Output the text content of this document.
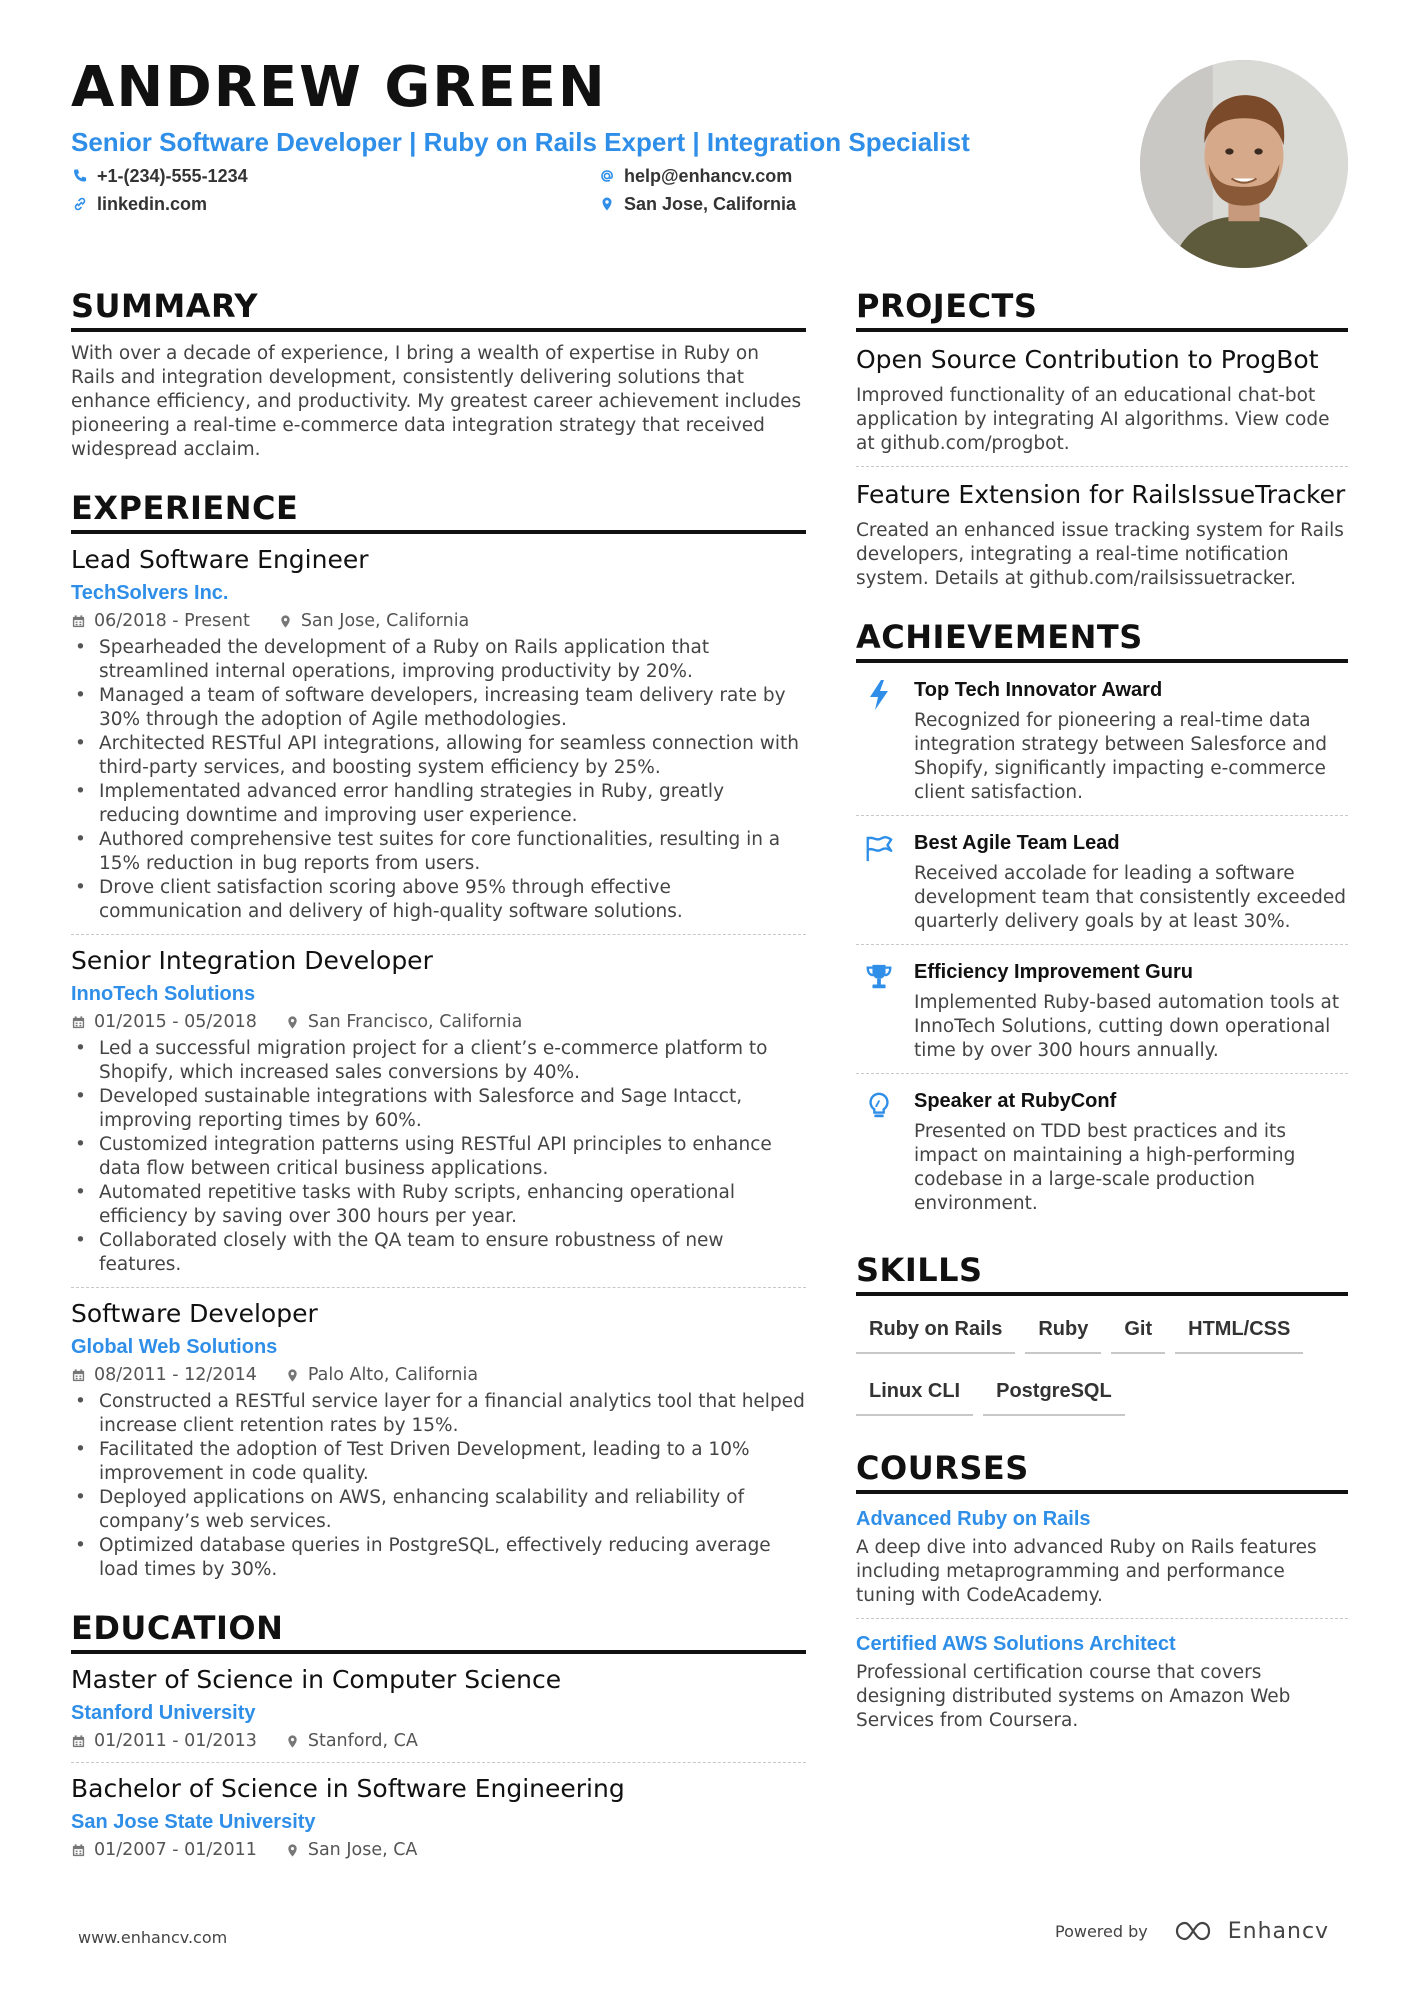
ANDREW GREEN
Senior Software Developer | Ruby on Rails Expert | Integration Specialist
+1-(234)-555-1234	help@enhancv.com
linkedin.com	San Jose, California
SUMMARY
With over a decade of experience, I bring a wealth of expertise in Ruby on Rails and integration development, consistently delivering solutions that enhance efficiency, and productivity. My greatest career achievement includes pioneering a real-time e-commerce data integration strategy that received widespread acclaim.
EXPERIENCE
Lead Software Engineer
TechSolvers Inc.
06/2018 - Present	San Jose, California
• Spearheaded the development of a Ruby on Rails application that streamlined internal operations, improving productivity by 20%.
• Managed a team of software developers, increasing team delivery rate by 30% through the adoption of Agile methodologies.
• Architected RESTful API integrations, allowing for seamless connection with third-party services, and boosting system efficiency by 25%.
• Implementated advanced error handling strategies in Ruby, greatly reducing downtime and improving user experience.
• Authored comprehensive test suites for core functionalities, resulting in a 15% reduction in bug reports from users.
• Drove client satisfaction scoring above 95% through effective communication and delivery of high-quality software solutions.
Senior Integration Developer
InnoTech Solutions
01/2015 - 05/2018	San Francisco, California
• Led a successful migration project for a client’s e-commerce platform to Shopify, which increased sales conversions by 40%.
• Developed sustainable integrations with Salesforce and Sage Intacct, improving reporting times by 60%.
• Customized integration patterns using RESTful API principles to enhance data flow between critical business applications.
• Automated repetitive tasks with Ruby scripts, enhancing operational efficiency by saving over 300 hours per year.
• Collaborated closely with the QA team to ensure robustness of new features.
Software Developer
Global Web Solutions
08/2011 - 12/2014	Palo Alto, California
• Constructed a RESTful service layer for a financial analytics tool that helped increase client retention rates by 15%.
• Facilitated the adoption of Test Driven Development, leading to a 10% improvement in code quality.
• Deployed applications on AWS, enhancing scalability and reliability of company’s web services.
• Optimized database queries in PostgreSQL, effectively reducing average load times by 30%.
EDUCATION
Master of Science in Computer Science
Stanford University
01/2011 - 01/2013	Stanford, CA
Bachelor of Science in Software Engineering
San Jose State University
01/2007 - 01/2011	San Jose, CA
PROJECTS
Open Source Contribution to ProgBot
Improved functionality of an educational chat-bot application by integrating AI algorithms. View code at github.com/progbot.
Feature Extension for RailsIssueTracker
Created an enhanced issue tracking system for Rails developers, integrating a real-time notification system. Details at github.com/railsissuetracker.
ACHIEVEMENTS
Top Tech Innovator Award
Recognized for pioneering a real-time data integration strategy between Salesforce and Shopify, significantly impacting e-commerce client satisfaction.
Best Agile Team Lead
Received accolade for leading a software development team that consistently exceeded quarterly delivery goals by at least 30%.
Efficiency Improvement Guru
Implemented Ruby-based automation tools at InnoTech Solutions, cutting down operational time by over 300 hours annually.
Speaker at RubyConf
Presented on TDD best practices and its impact on maintaining a high-performing codebase in a large-scale production environment.
SKILLS
Ruby on Rails	Ruby	Git	HTML/CSS
Linux CLI	PostgreSQL
COURSES
Advanced Ruby on Rails
A deep dive into advanced Ruby on Rails features including metaprogramming and performance tuning with CodeAcademy.
Certified AWS Solutions Architect
Professional certification course that covers designing distributed systems on Amazon Web Services from Coursera.
www.enhancv.com	Powered by	Enhancv
